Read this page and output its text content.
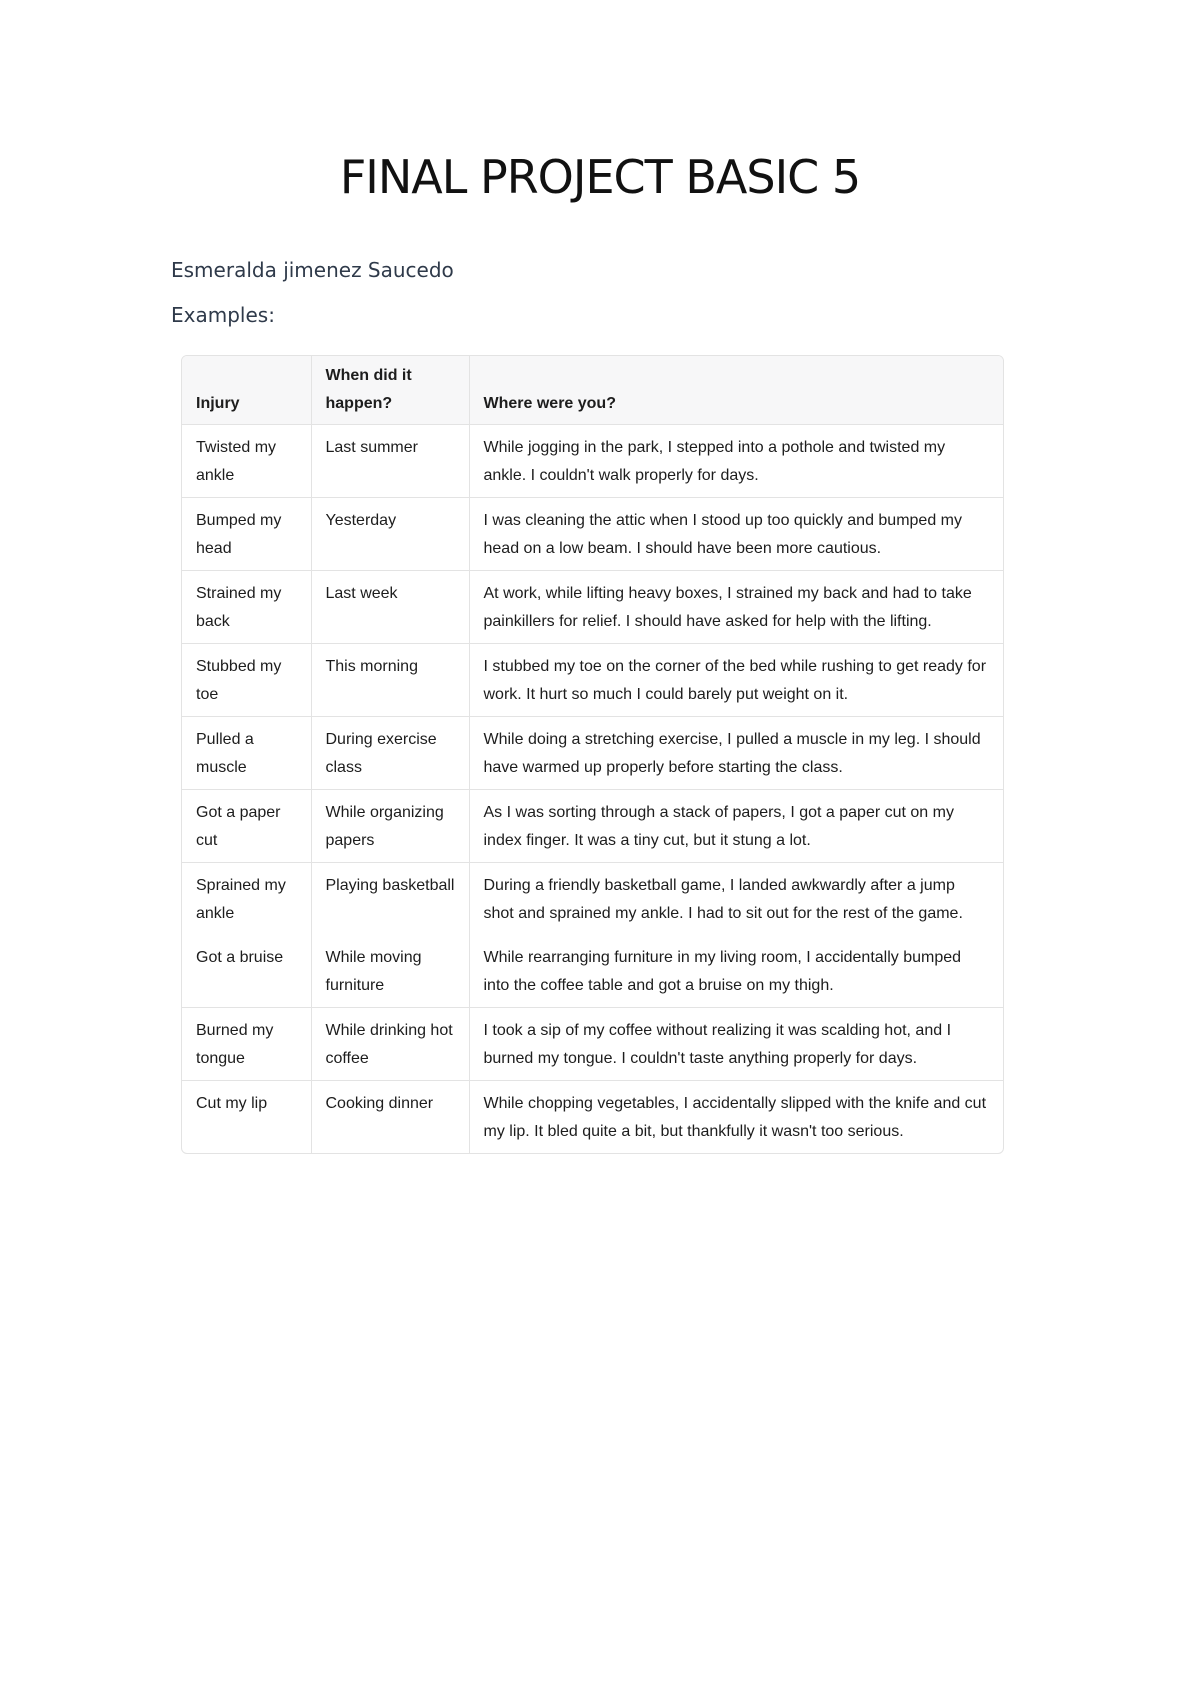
FINAL PROJECT BASIC 5
Esmeralda jimenez Saucedo
Examples:
Injury	When did it happen?	Where were you?
Twisted my ankle	Last summer	While jogging in the park, I stepped into a pothole and twisted my ankle. I couldn't walk properly for days.
Bumped my head	Yesterday	I was cleaning the attic when I stood up too quickly and bumped my head on a low beam. I should have been more cautious.
Strained my back	Last week	At work, while lifting heavy boxes, I strained my back and had to take painkillers for relief. I should have asked for help with the lifting.
Stubbed my toe	This morning	I stubbed my toe on the corner of the bed while rushing to get ready for work. It hurt so much I could barely put weight on it.
Pulled a muscle	During exercise class	While doing a stretching exercise, I pulled a muscle in my leg. I should have warmed up properly before starting the class.
Got a paper cut	While organizing papers	As I was sorting through a stack of papers, I got a paper cut on my index finger. It was a tiny cut, but it stung a lot.
Sprained my ankle	Playing basketball	During a friendly basketball game, I landed awkwardly after a jump shot and sprained my ankle. I had to sit out for the rest of the game.
Got a bruise	While moving furniture	While rearranging furniture in my living room, I accidentally bumped into the coffee table and got a bruise on my thigh.
Burned my tongue	While drinking hot coffee	I took a sip of my coffee without realizing it was scalding hot, and I burned my tongue. I couldn't taste anything properly for days.
Cut my lip	Cooking dinner	While chopping vegetables, I accidentally slipped with the knife and cut my lip. It bled quite a bit, but thankfully it wasn't too serious.
